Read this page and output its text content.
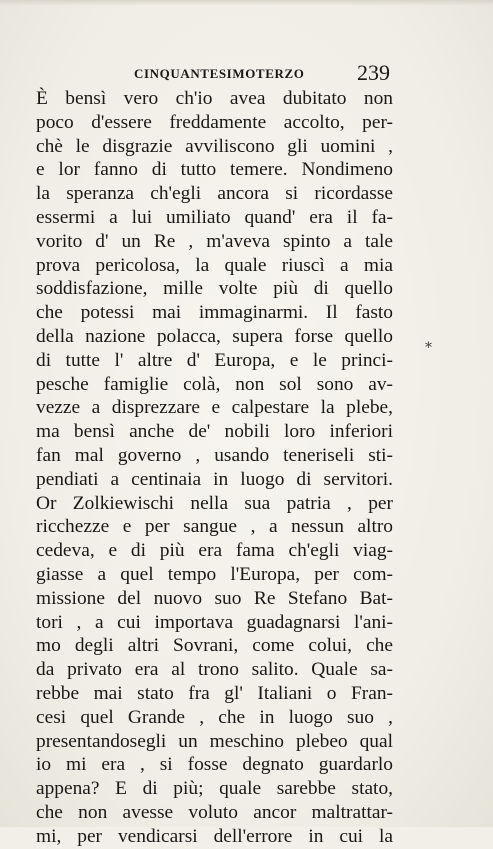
CINQUANTESIMOTERZO 239
È bensì vero ch'io avea dubitato non
poco d'essere freddamente accolto, per-
chè le disgrazie avviliscono gli uomini ,
e lor fanno di tutto temere. Nondimeno
la speranza ch'egli ancora si ricordasse
essermi a lui umiliato quand' era il fa-
vorito d' un Re , m'aveva spinto a tale
prova pericolosa, la quale riuscì a mia
soddisfazione, mille volte più di quello
che potessi mai immaginarmi. Il fasto
della nazione polacca, supera forse quello
di tutte l' altre d' Europa, e le princi-
pesche famiglie colà, non sol sono av-
vezze a disprezzare e calpestare la plebe,
ma bensì anche de' nobili loro inferiori
fan mal governo , usando teneriseli sti-
pendiati a centinaia in luogo di servitori.
Or Zolkiewischi nella sua patria , per
ricchezze e per sangue , a nessun altro
cedeva, e di più era fama ch'egli viag-
giasse a quel tempo l'Europa, per com-
missione del nuovo suo Re Stefano Bat-
tori , a cui importava guadagnarsi l'ani-
mo degli altri Sovrani, come colui, che
da privato era al trono salito. Quale sa-
rebbe mai stato fra gl' Italiani o Fran-
cesi quel Grande , che in luogo suo ,
presentandosegli un meschino plebeo qual
io mi era , si fosse degnato guardarlo
appena? E di più; quale sarebbe stato,
che non avesse voluto ancor maltrattar-
mi, per vendicarsi dell'errore in cui la
*
